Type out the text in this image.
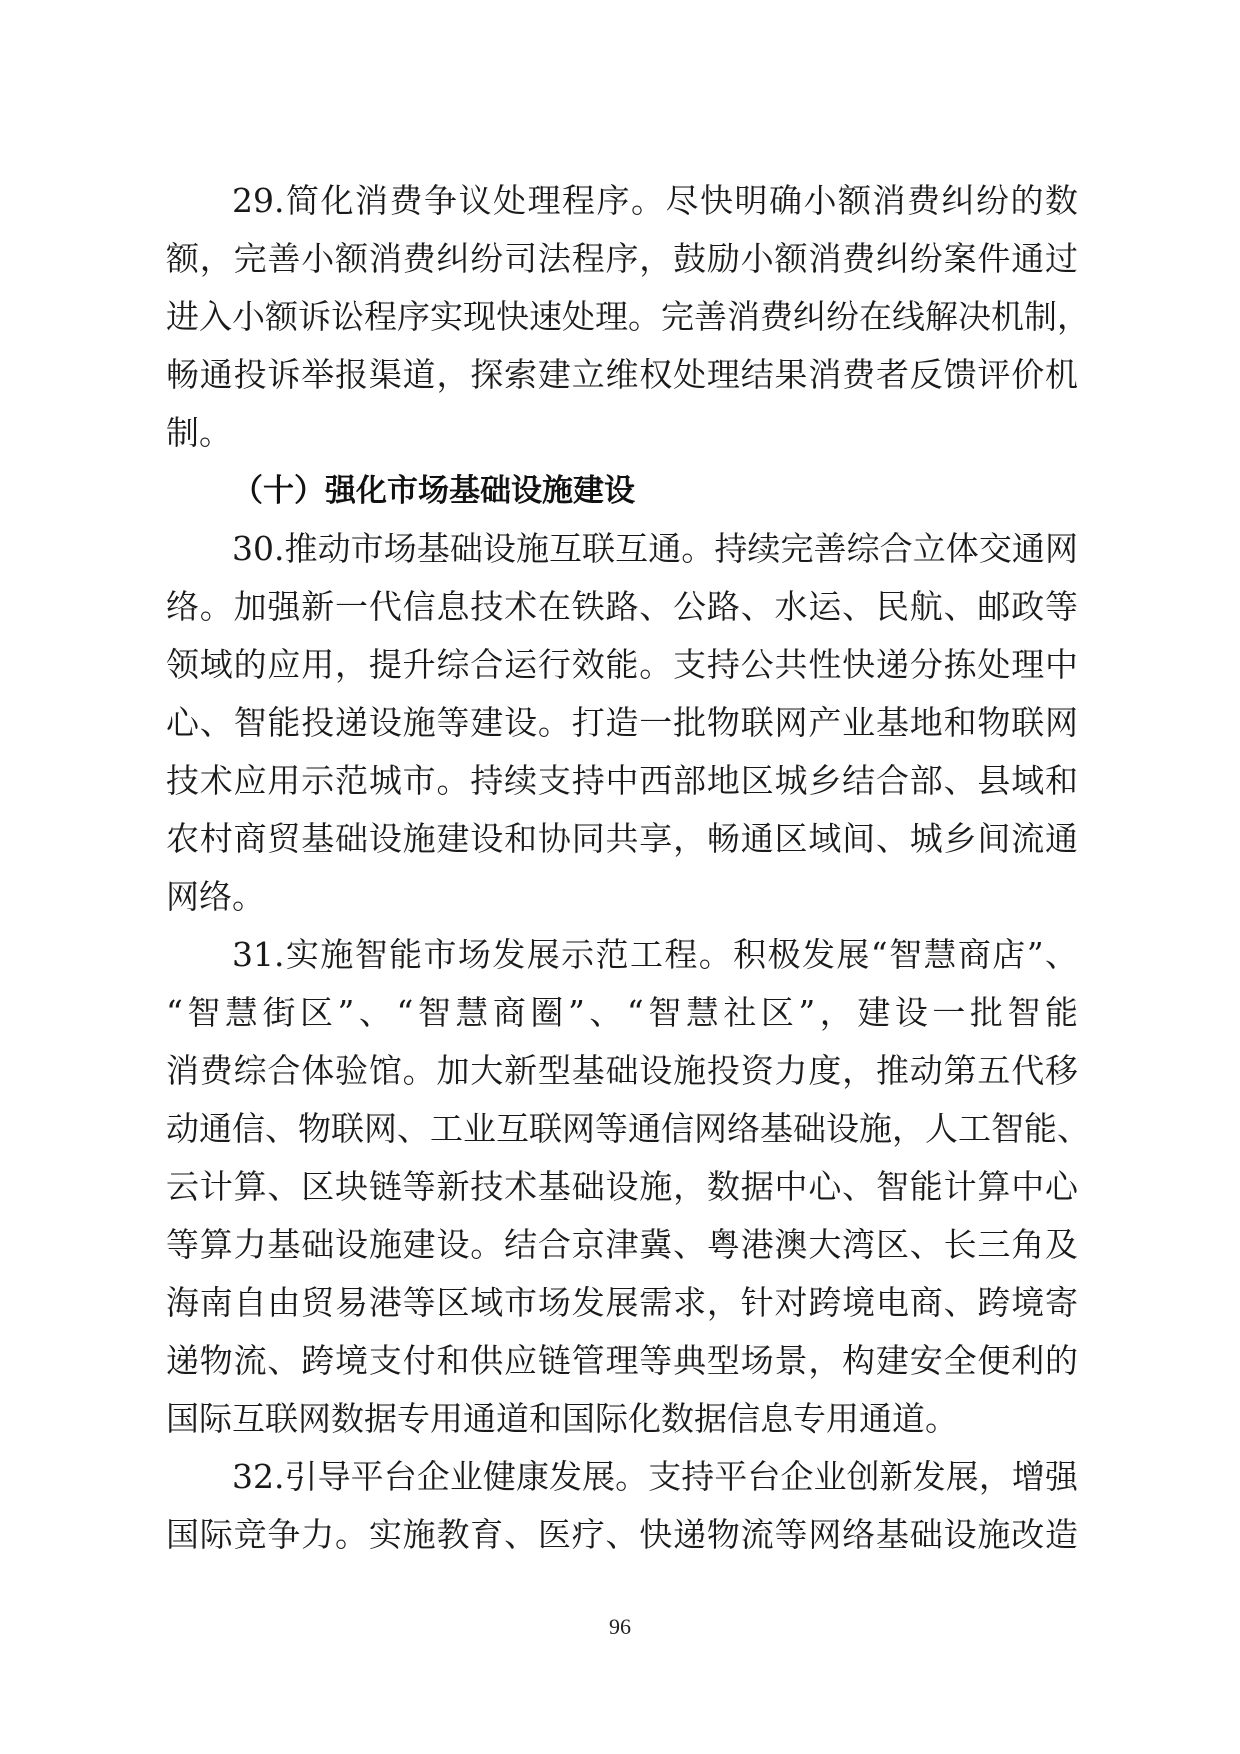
29.简化消费争议处理程序。尽快明确小额消费纠纷的数
额，完善小额消费纠纷司法程序，鼓励小额消费纠纷案件通过
进入小额诉讼程序实现快速处理。完善消费纠纷在线解决机制，
畅通投诉举报渠道，探索建立维权处理结果消费者反馈评价机
制。
（十）强化市场基础设施建设
30.推动市场基础设施互联互通。持续完善综合立体交通网
络。加强新一代信息技术在铁路、公路、水运、民航、邮政等
领域的应用，提升综合运行效能。支持公共性快递分拣处理中
心、智能投递设施等建设。打造一批物联网产业基地和物联网
技术应用示范城市。持续支持中西部地区城乡结合部、县域和
农村商贸基础设施建设和协同共享，畅通区域间、城乡间流通
网络。
31.实施智能市场发展示范工程。积极发展“智慧商店”、
“智慧街区”、“智慧商圈”、“智慧社区”，建设一批智能
消费综合体验馆。加大新型基础设施投资力度，推动第五代移
动通信、物联网、工业互联网等通信网络基础设施，人工智能、
云计算、区块链等新技术基础设施，数据中心、智能计算中心
等算力基础设施建设。结合京津冀、粤港澳大湾区、长三角及
海南自由贸易港等区域市场发展需求，针对跨境电商、跨境寄
递物流、跨境支付和供应链管理等典型场景，构建安全便利的
国际互联网数据专用通道和国际化数据信息专用通道。
32.引导平台企业健康发展。支持平台企业创新发展，增强
国际竞争力。实施教育、医疗、快递物流等网络基础设施改造
96
